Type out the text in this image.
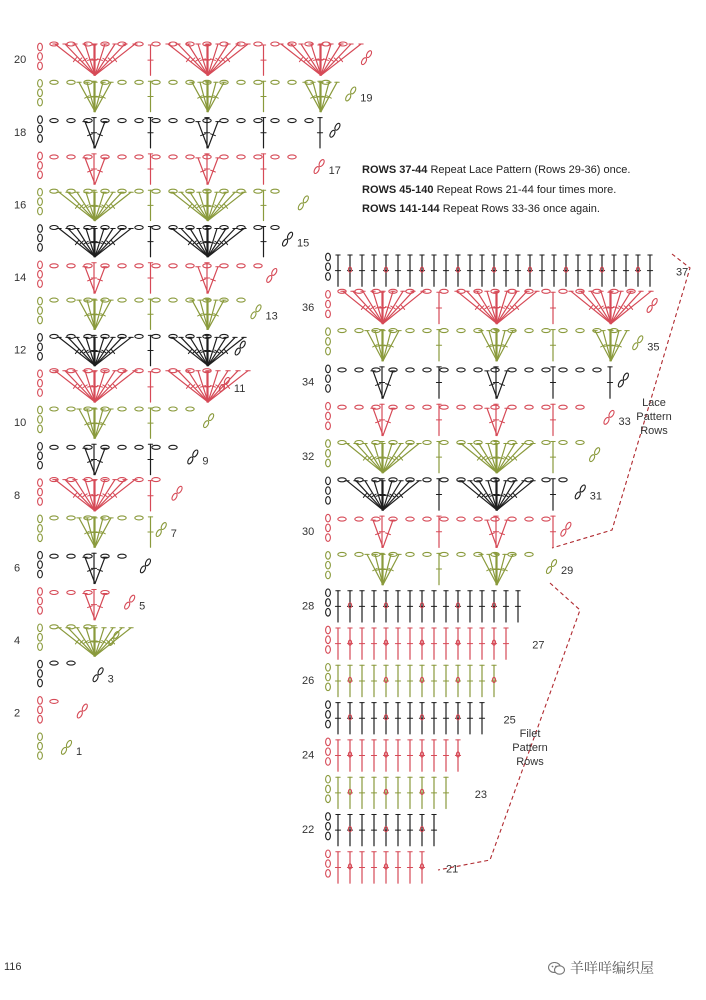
20
19
18
17
16
15
14
13
12
11
10
9
8
7
6
5
4
3
2
1
37
36
35
34
33
32
31
30
29
28
27
26
25
24
23
22
21
ROWS 37-44 Repeat Lace Pattern (Rows 29-36) once.
ROWS 45-140 Repeat Rows 21-44 four times more.
ROWS 141-144 Repeat Rows 33-36 once again.
Lace
Pattern
Rows
Filet
Pattern
Rows
116	羊咩咩编织屋
